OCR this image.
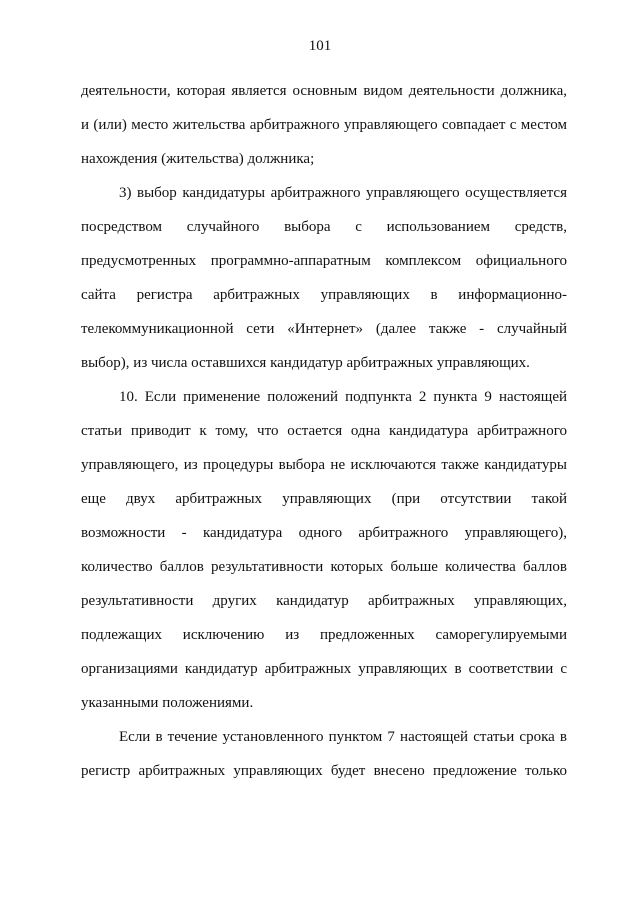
101
деятельности, которая является основным видом деятельности должника,
и (или) место жительства арбитражного управляющего совпадает с местом
нахождения (жительства) должника;
3) выбор кандидатуры арбитражного управляющего осуществляется
посредством случайного выбора с использованием средств,
предусмотренных программно-аппаратным комплексом официального
сайта регистра арбитражных управляющих в информационно-
телекоммуникационной сети «Интернет» (далее также - случайный
выбор), из числа оставшихся кандидатур арбитражных управляющих.
10. Если применение положений подпункта 2 пункта 9 настоящей
статьи приводит к тому, что остается одна кандидатура арбитражного
управляющего, из процедуры выбора не исключаются также кандидатуры
еще двух арбитражных управляющих (при отсутствии такой
возможности - кандидатура одного арбитражного управляющего),
количество баллов результативности которых больше количества баллов
результативности других кандидатур арбитражных управляющих,
подлежащих исключению из предложенных саморегулируемыми
организациями кандидатур арбитражных управляющих в соответствии с
указанными положениями.
Если в течение установленного пунктом 7 настоящей статьи срока в
регистр арбитражных управляющих будет внесено предложение только
